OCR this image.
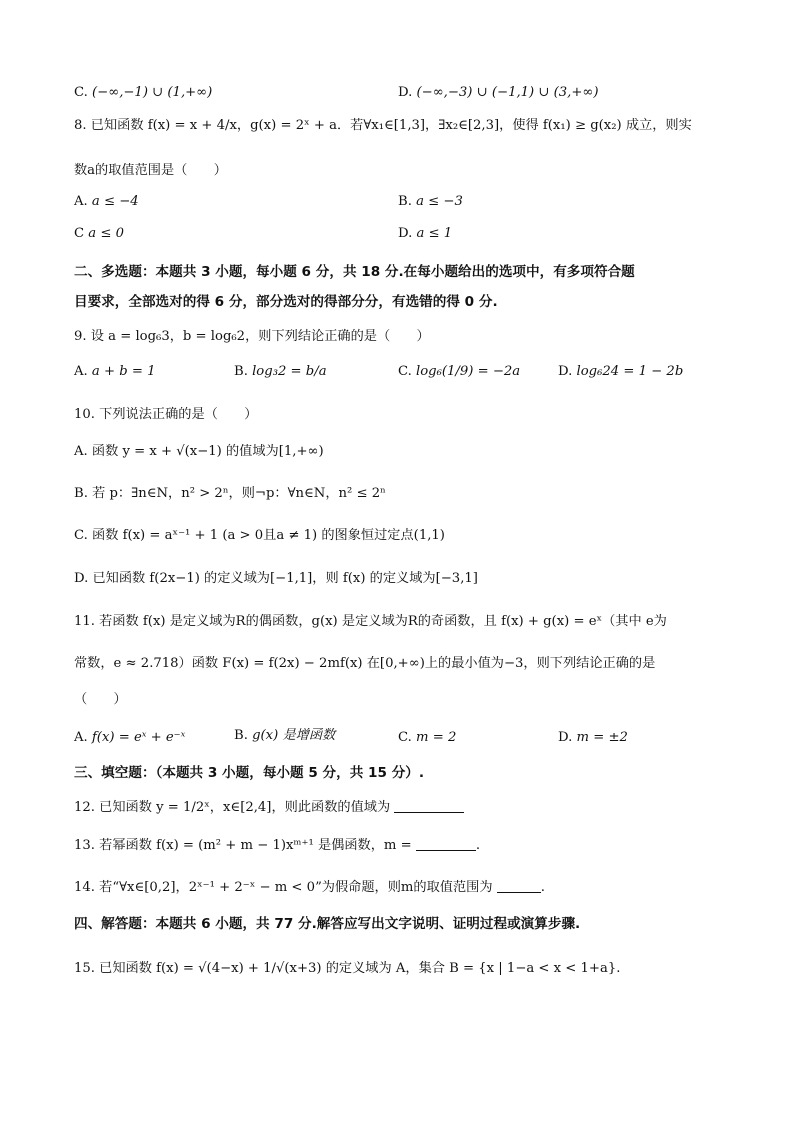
C. (−∞,−1) ∪ (1,+∞)	D. (−∞,−3) ∪ (−1,1) ∪ (3,+∞)
8. 已知函数 f(x) = x + 4/x，g(x) = 2ˣ + a．若∀x₁∈[1,3]，∃x₂∈[2,3]，使得 f(x₁) ≥ g(x₂) 成立，则实
数a的取值范围是（　　）
A. a ≤ −4	B. a ≤ −3
C a ≤ 0	D. a ≤ 1
二、多选题：本题共 3 小题，每小题 6 分，共 18 分.在每小题给出的选项中，有多项符合题
目要求，全部选对的得 6 分，部分选对的得部分分，有选错的得 0 分.
9. 设 a = log₆3，b = log₆2，则下列结论正确的是（　　）
A. a + b = 1	B. log₃2 = b/a	C. log₆(1/9) = −2a	D. log₆24 = 1 − 2b
10. 下列说法正确的是（　　）
A. 函数 y = x + √(x−1) 的值域为[1,+∞)
B. 若 p：∃n∈N，n² > 2ⁿ，则¬p：∀n∈N，n² ≤ 2ⁿ
C. 函数 f(x) = aˣ⁻¹ + 1 (a > 0且a ≠ 1) 的图象恒过定点(1,1)
D. 已知函数 f(2x−1) 的定义域为[−1,1]，则 f(x) 的定义域为[−3,1]
11. 若函数 f(x) 是定义域为R的偶函数，g(x) 是定义域为R的奇函数，且 f(x) + g(x) = eˣ（其中 e为
常数，e ≈ 2.718）函数 F(x) = f(2x) − 2mf(x) 在[0,+∞)上的最小值为−3，则下列结论正确的是
（　　）
A. f(x) = eˣ + e⁻ˣ	B. g(x) 是增函数	C. m = 2	D. m = ±2
三、填空题：（本题共 3 小题，每小题 5 分，共 15 分）.
12. 已知函数 y = 1/2ˣ，x∈[2,4]，则此函数的值域为
13. 若幂函数 f(x) = (m² + m − 1)xᵐ⁺¹ 是偶函数，m =	.
14. 若“∀x∈[0,2]，2ˣ⁻¹ + 2⁻ˣ − m < 0”为假命题，则m的取值范围为	.
四、解答题：本题共 6 小题，共 77 分.解答应写出文字说明、证明过程或演算步骤.
15. 已知函数 f(x) = √(4−x) + 1/√(x+3) 的定义域为 A，集合 B = {x | 1−a < x < 1+a}.
